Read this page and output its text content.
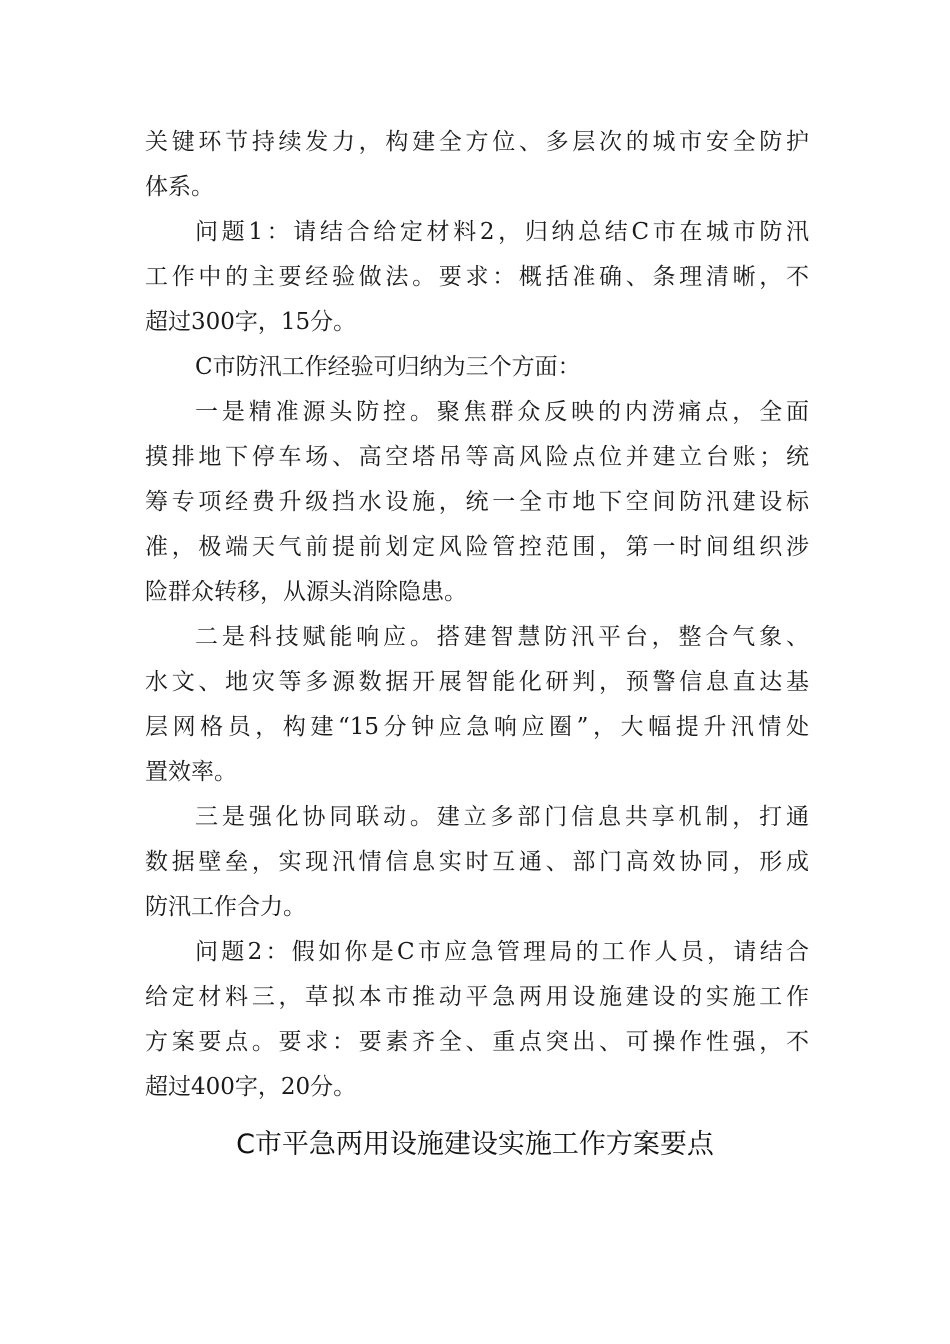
关键环节持续发力，构建全方位、多层次的城市安全防护
体系。
问题1：请结合给定材料2，归纳总结C市在城市防汛
工作中的主要经验做法。要求：概括准确、条理清晰，不
超过300字，15分。
C市防汛工作经验可归纳为三个方面：
一是精准源头防控。聚焦群众反映的内涝痛点，全面
摸排地下停车场、高空塔吊等高风险点位并建立台账；统
筹专项经费升级挡水设施，统一全市地下空间防汛建设标
准，极端天气前提前划定风险管控范围，第一时间组织涉
险群众转移，从源头消除隐患。
二是科技赋能响应。搭建智慧防汛平台，整合气象、
水文、地灾等多源数据开展智能化研判，预警信息直达基
层网格员，构建“15分钟应急响应圈”，大幅提升汛情处
置效率。
三是强化协同联动。建立多部门信息共享机制，打通
数据壁垒，实现汛情信息实时互通、部门高效协同，形成
防汛工作合力。
问题2：假如你是C市应急管理局的工作人员，请结合
给定材料三，草拟本市推动平急两用设施建设的实施工作
方案要点。要求：要素齐全、重点突出、可操作性强，不
超过400字，20分。
C市平急两用设施建设实施工作方案要点
